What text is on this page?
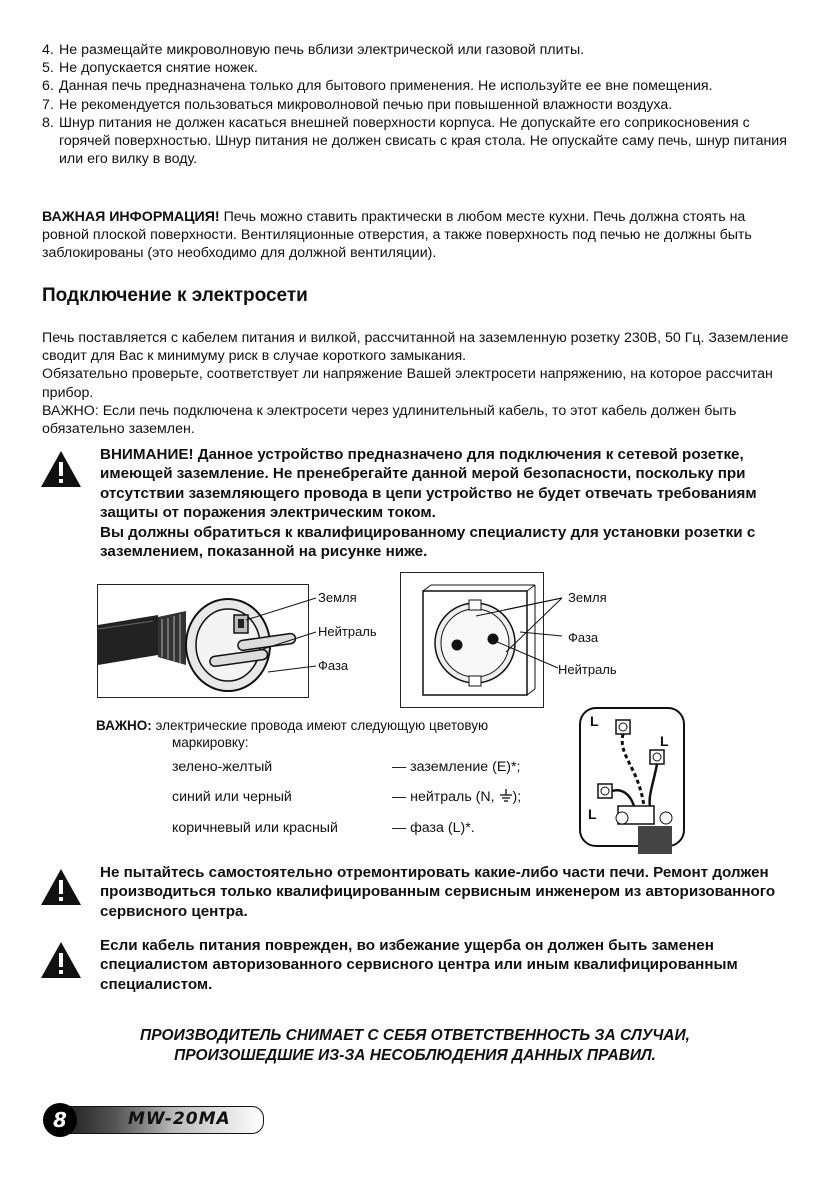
4. Не размещайте микроволновую печь вблизи электрической или газовой плиты.
5. Не допускается снятие ножек.
6. Данная печь предназначена только для бытового применения. Не используйте ее вне помещения.
7. Не рекомендуется пользоваться микроволновой печью при повышенной влажности воздуха.
8. Шнур питания не должен касаться внешней поверхности корпуса. Не допускайте его соприкосновения с горячей поверхностью. Шнур питания не должен свисать с края стола. Не опускайте саму печь, шнур питания или его вилку в воду.
ВАЖНАЯ ИНФОРМАЦИЯ! Печь можно ставить практически в любом месте кухни. Печь должна стоять на ровной плоской поверхности. Вентиляционные отверстия, а также поверхность под печью не должны быть заблокированы (это необходимо для должной вентиляции).
Подключение к электросети
Печь поставляется с кабелем питания и вилкой, рассчитанной на заземленную розетку 230В, 50 Гц. Заземление сводит для Вас к минимуму риск в случае короткого замыкания.
Обязательно проверьте, соответствует ли напряжение Вашей электросети напряжению, на которое рассчитан прибор.
ВАЖНО: Если печь подключена к электросети через удлинительный кабель, то этот кабель должен быть обязательно заземлен.
ВНИМАНИЕ! Данное устройство предназначено для подключения к сетевой розетке, имеющей заземление. Не пренебрегайте данной мерой безопасности, поскольку при отсутствии заземляющего провода в цепи устройство не будет отвечать требованиям защиты от поражения электрическим током.
Вы должны обратиться к квалифицированному специалисту для установки розетки с заземлением, показанной на рисунке ниже.
Земля
Нейтраль
Фаза
Земля
Фаза
Нейтраль
ВАЖНО: электрические провода имеют следующую цветовую
маркировку:
зелено-желтый	— заземление (E)*;
синий или черный	— нейтраль (N, );
коричневый или красный	— фаза (L)*.
L
L
L
Не пытайтесь самостоятельно отремонтировать какие-либо части печи. Ремонт должен производиться только квалифицированным сервисным инженером из авторизованного сервисного центра.
Если кабель питания поврежден, во избежание ущерба он должен быть заменен специалистом авторизованного сервисного центра или иным квалифицированным специалистом.
ПРОИЗВОДИТЕЛЬ СНИМАЕТ С СЕБЯ ОТВЕТСТВЕННОСТЬ ЗА СЛУЧАИ,
ПРОИЗОШЕДШИЕ ИЗ-ЗА НЕСОБЛЮДЕНИЯ ДАННЫХ ПРАВИЛ.
8	MW-20MA
